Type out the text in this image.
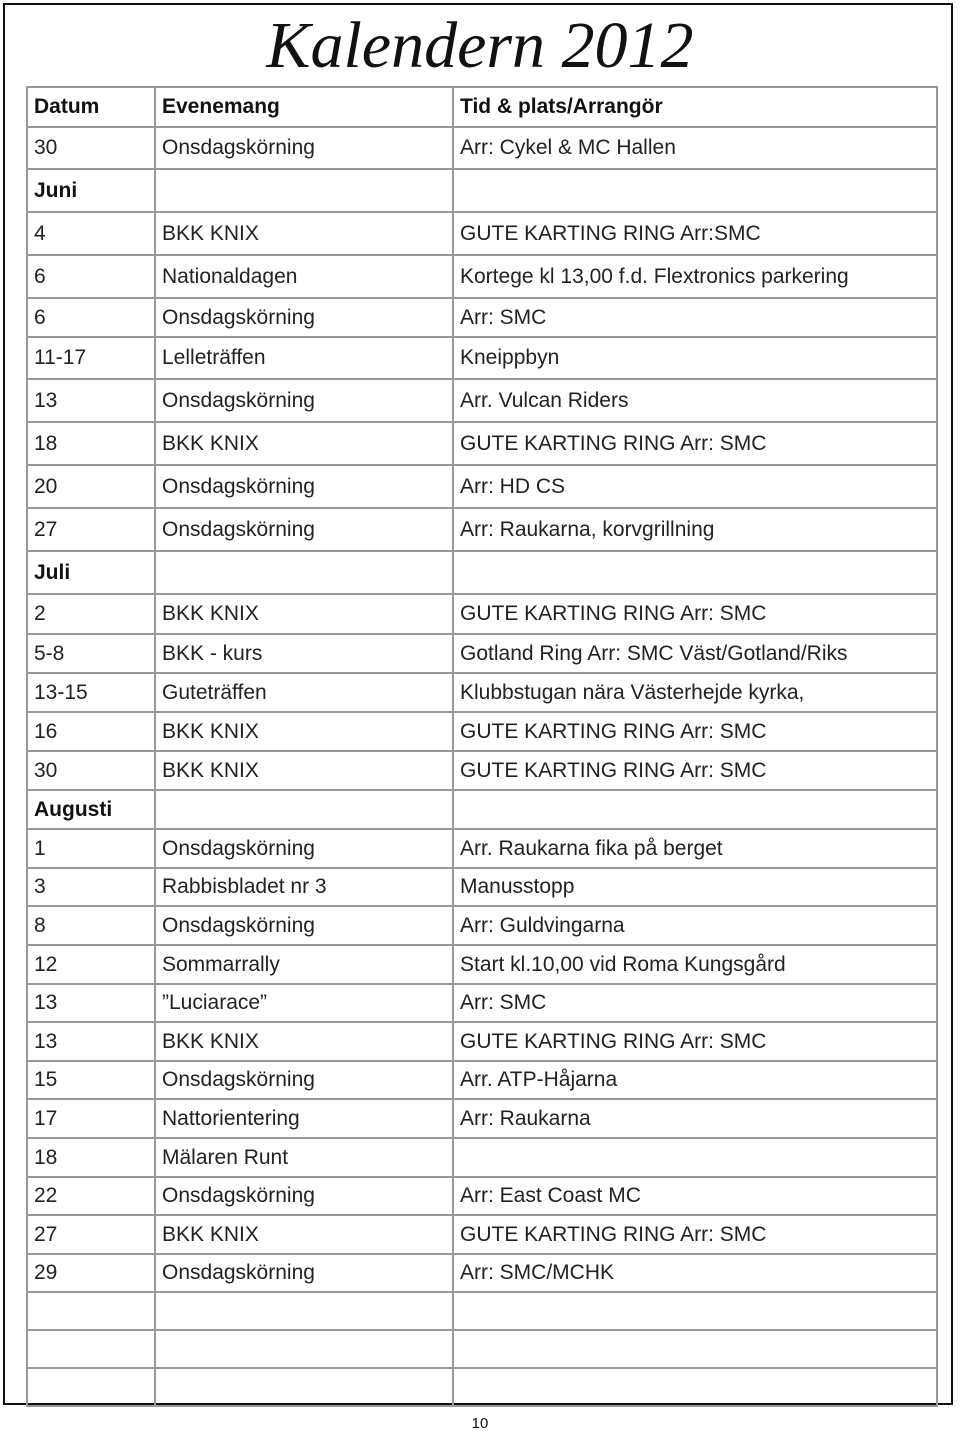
Kalendern 2012
Datum	Evenemang	Tid & plats/Arrangör
30	Onsdagskörning	Arr: Cykel & MC Hallen
Juni		
4	BKK KNIX	GUTE KARTING RING Arr:SMC
6	Nationaldagen	Kortege kl 13,00 f.d. Flextronics parkering
6	Onsdagskörning	Arr: SMC
11-17	Lelleträffen	Kneippbyn
13	Onsdagskörning	Arr. Vulcan Riders
18	BKK KNIX	GUTE KARTING RING Arr: SMC
20	Onsdagskörning	Arr: HD CS
27	Onsdagskörning	Arr: Raukarna, korvgrillning
Juli		
2	BKK KNIX	GUTE KARTING RING Arr: SMC
5-8	BKK - kurs	Gotland Ring Arr: SMC Väst/Gotland/Riks
13-15	Guteträffen	Klubbstugan nära Västerhejde kyrka,
16	BKK KNIX	GUTE KARTING RING Arr: SMC
30	BKK KNIX	GUTE KARTING RING Arr: SMC
Augusti		
1	Onsdagskörning	Arr. Raukarna fika på berget
3	Rabbisbladet nr 3	Manusstopp
8	Onsdagskörning	Arr: Guldvingarna
12	Sommarrally	Start kl.10,00 vid Roma Kungsgård
13	”Luciarace”	Arr: SMC
13	BKK KNIX	GUTE KARTING RING Arr: SMC
15	Onsdagskörning	Arr. ATP-Håjarna
17	Nattorientering	Arr: Raukarna
18	Mälaren Runt	
22	Onsdagskörning	Arr: East Coast MC
27	BKK KNIX	GUTE KARTING RING Arr: SMC
29	Onsdagskörning	Arr: SMC/MCHK

10
